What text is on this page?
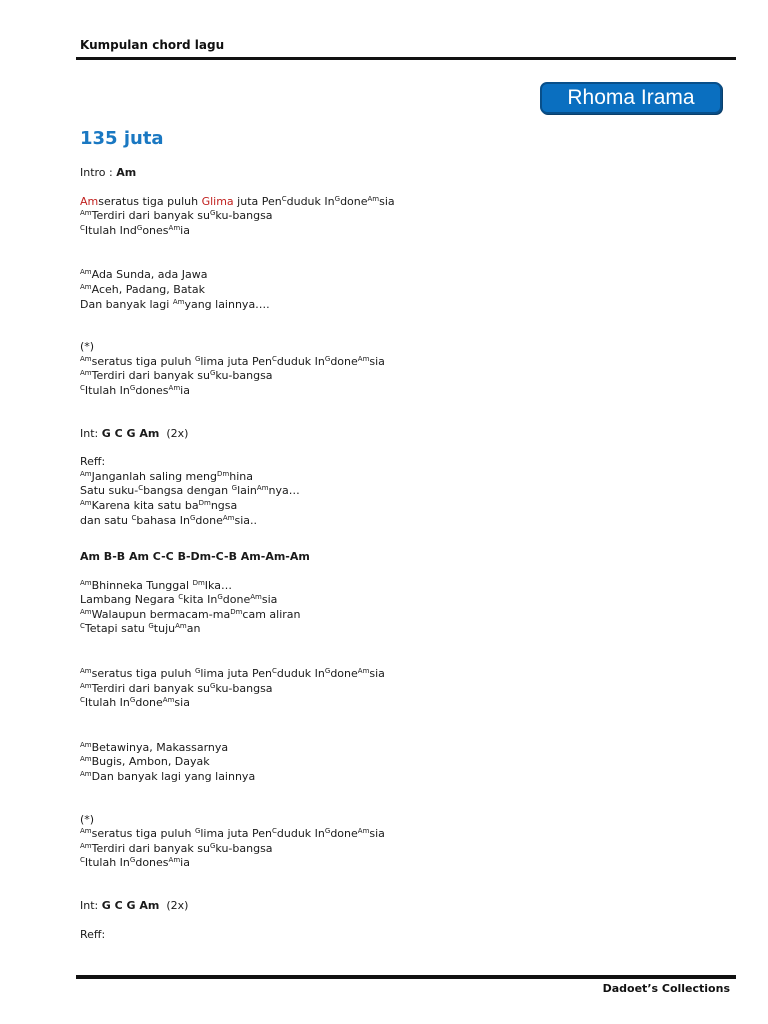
Kumpulan chord lagu
Rhoma Irama
135 juta
Intro : Am
Amseratus tiga puluh Glima juta Pen$^C$duduk $In^Gdone^{Am}sia$
$^{Am}$Terdiri dari banyak $su^Gku$-bangsa
$^C$Itulah Ind$^G$ones$^{Am}$ia
$^{Am}$Ada Sunda, ada Jawa
$^{Am}$Aceh, Padang, Batak
Dan banyak lagi $^{Am}$yang lainnya….
(*)
$^{Am}$seratus tiga puluh $^G$lima juta Pen$^C$duduk $In^Gdone^{Am}sia$
$^{Am}$Terdiri dari banyak $su^Gku$-bangsa
$^C$Itulah $In^Gdones^{Am}ia$
Int: G C G Am  (2x)
Reff:
$^{Am}$Janganlah saling meng$^{Dm}$hina
Satu suku-$^C$bangsa dengan $^G$lain$^{Am}$nya…
$^{Am}$Karena kita satu $ba^{Dm}ngsa$
dan satu $^C$bahasa $In^Gdone^{Am}sia$..
Am B-B Am C-C B-Dm-C-B Am-Am-Am
$^{Am}$Bhinneka Tunggal $^{Dm}$Ika…
Lambang Negara $^C$kita $In^Gdone^{Am}sia$
$^{Am}$Walaupun bermacam-$ma^{Dm}cam$ aliran
$^C$Tetapi satu $^G$tuju$^{Am}$an
$^{Am}$seratus tiga puluh $^G$lima juta Pen$^C$duduk $In^Gdone^{Am}sia$
$^{Am}$Terdiri dari banyak $su^Gku$-bangsa
$^C$Itulah $In^Gdone^{Am}sia$
$^{Am}$Betawinya, Makassarnya
$^{Am}$Bugis, Ambon, Dayak
$^{Am}$Dan banyak lagi yang lainnya
(*)
$^{Am}$seratus tiga puluh $^G$lima juta Pen$^C$duduk $In^Gdone^{Am}sia$
$^{Am}$Terdiri dari banyak $su^Gku$-bangsa
$^C$Itulah $In^Gdones^{Am}ia$
Int: G C G Am  (2x)
Reff:
Dadoet’s Collections
